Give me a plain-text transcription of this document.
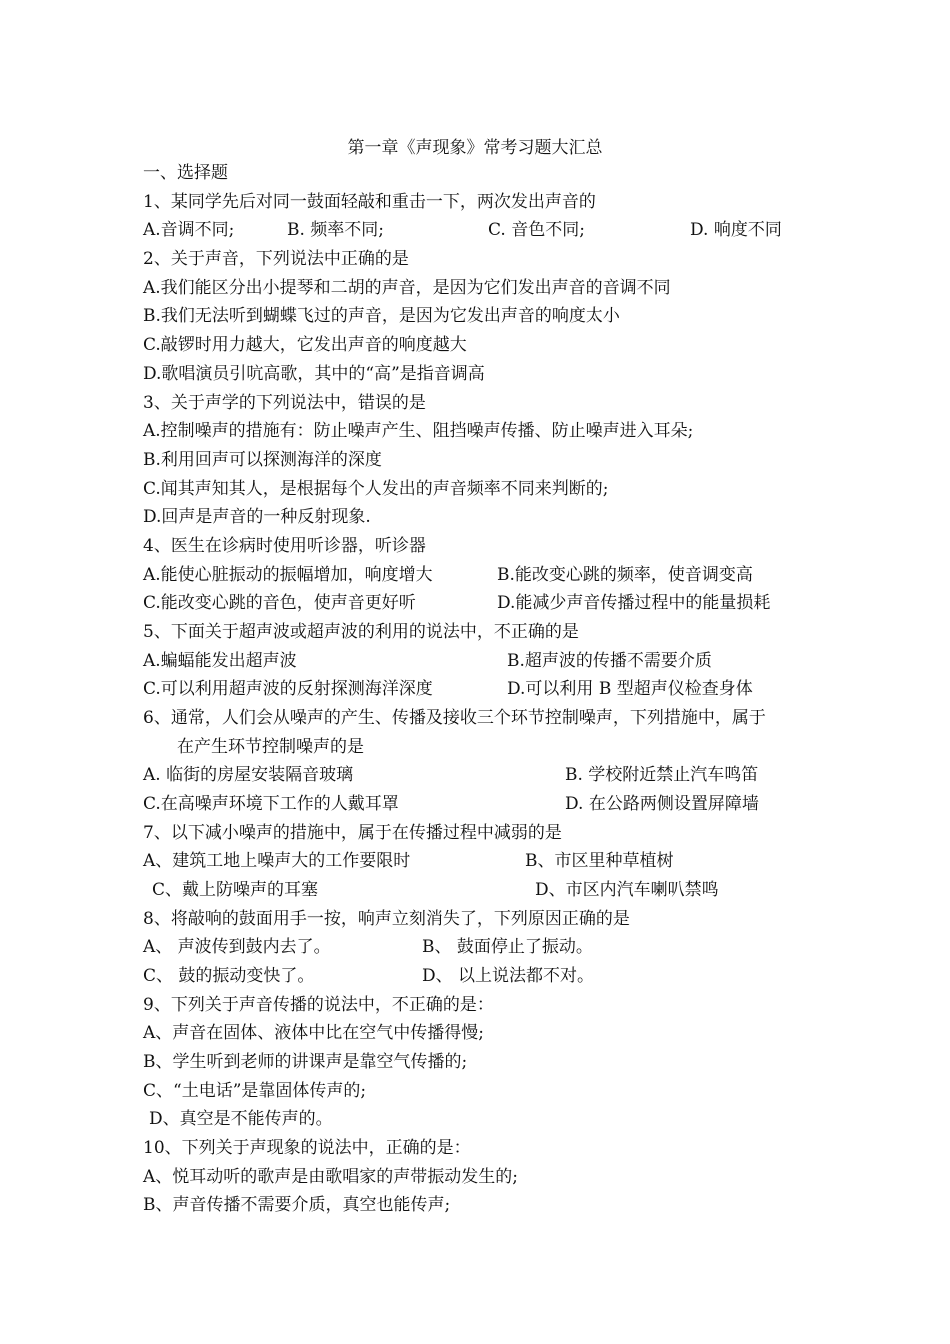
第一章《声现象》常考习题大汇总
一、选择题
1、某同学先后对同一鼓面轻敲和重击一下，两次发出声音的
A.音调不同;	B. 频率不同;	C. 音色不同;	D. 响度不同
2、关于声音，下列说法中正确的是
A.我们能区分出小提琴和二胡的声音，是因为它们发出声音的音调不同
B.我们无法听到蝴蝶飞过的声音，是因为它发出声音的响度太小
C.敲锣时用力越大，它发出声音的响度越大
D.歌唱演员引吭高歌，其中的“高”是指音调高
3、关于声学的下列说法中，错误的是
A.控制噪声的措施有：防止噪声产生、阻挡噪声传播、防止噪声进入耳朵;
B.利用回声可以探测海洋的深度
C.闻其声知其人，是根据每个人发出的声音频率不同来判断的;
D.回声是声音的一种反射现象.
4、医生在诊病时使用听诊器，听诊器
A.能使心脏振动的振幅增加，响度增大	B.能改变心跳的频率，使音调变高
C.能改变心跳的音色，使声音更好听	D.能减少声音传播过程中的能量损耗
5、下面关于超声波或超声波的利用的说法中，不正确的是
A.蝙蝠能发出超声波	B.超声波的传播不需要介质
C.可以利用超声波的反射探测海洋深度	D.可以利用 B 型超声仪检查身体
6、通常，人们会从噪声的产生、传播及接收三个环节控制噪声，下列措施中，属于
在产生环节控制噪声的是
A. 临街的房屋安装隔音玻璃	B. 学校附近禁止汽车鸣笛
C.在高噪声环境下工作的人戴耳罩	D. 在公路两侧设置屏障墙
7、以下减小噪声的措施中，属于在传播过程中减弱的是
A、建筑工地上噪声大的工作要限时	B、市区里种草植树
C、戴上防噪声的耳塞	D、市区内汽车喇叭禁鸣
8、将敲响的鼓面用手一按，响声立刻消失了，下列原因正确的是
A、 声波传到鼓内去了。	B、 鼓面停止了振动。
C、 鼓的振动变快了。	D、 以上说法都不对。
9、下列关于声音传播的说法中，不正确的是：
A、声音在固体、液体中比在空气中传播得慢;
B、学生听到老师的讲课声是靠空气传播的;
C、“土电话”是靠固体传声的;
D、真空是不能传声的。
10、下列关于声现象的说法中，正确的是：
A、悦耳动听的歌声是由歌唱家的声带振动发生的;
B、声音传播不需要介质，真空也能传声;
